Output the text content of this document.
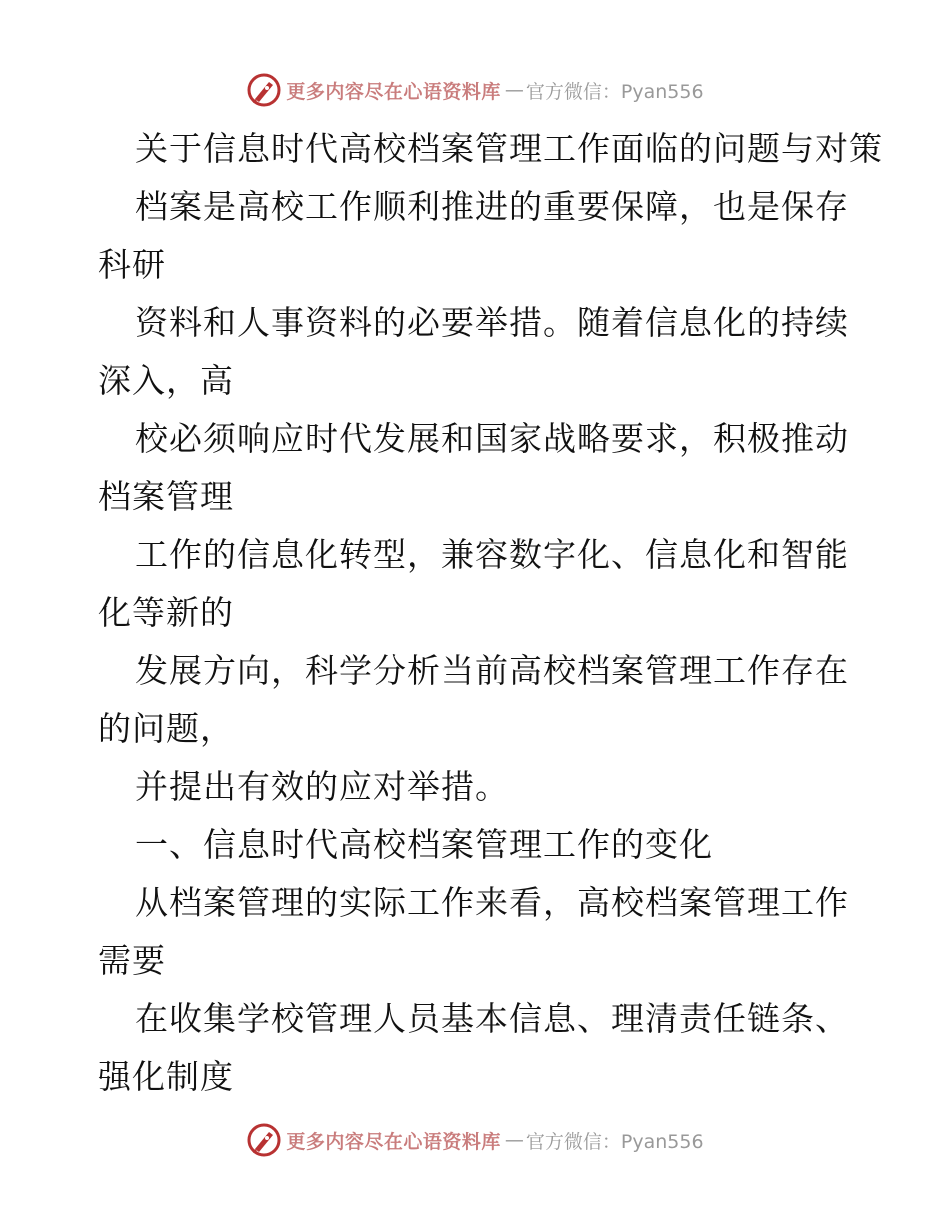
更多内容尽在心语资料库 — 官方微信：Pyan556
关于信息时代高校档案管理工作面临的问题与对策
档案是高校工作顺利推进的重要保障，也是保存
科研
资料和人事资料的必要举措。随着信息化的持续
深入，高
校必须响应时代发展和国家战略要求，积极推动
档案管理
工作的信息化转型，兼容数字化、信息化和智能
化等新的
发展方向，科学分析当前高校档案管理工作存在
的问题，
并提出有效的应对举措。
一、信息时代高校档案管理工作的变化
从档案管理的实际工作来看，高校档案管理工作
需要
在收集学校管理人员基本信息、理清责任链条、
强化制度
更多内容尽在心语资料库 — 官方微信：Pyan556
